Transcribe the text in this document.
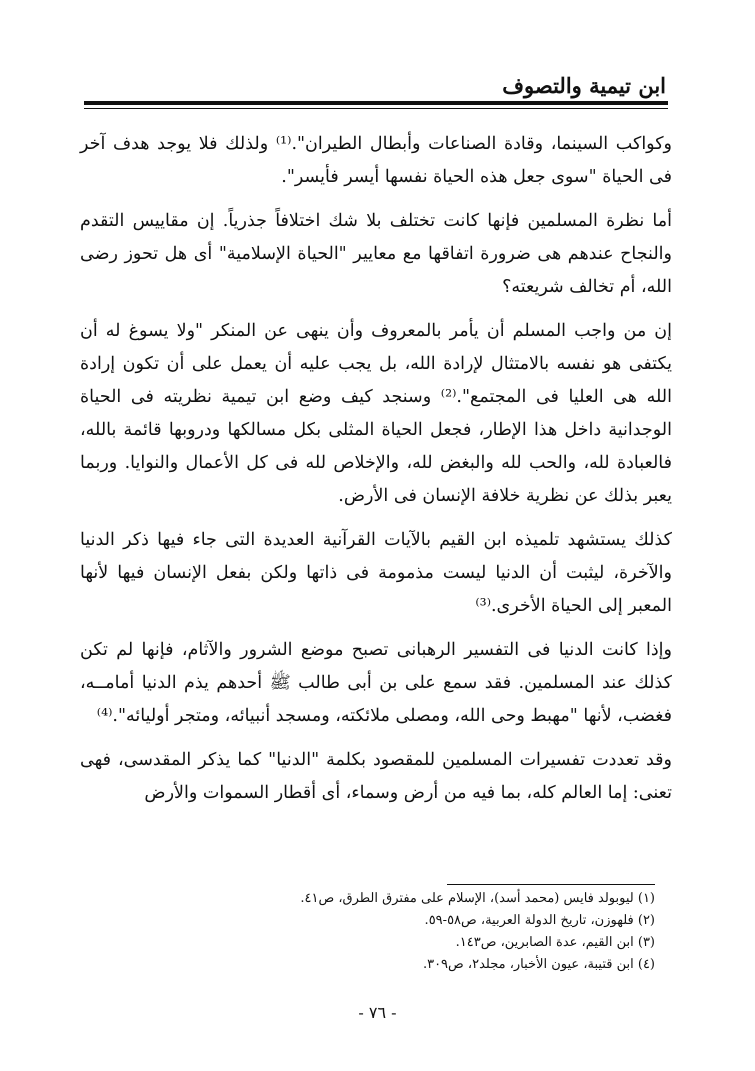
ابن تيمية والتصوف

وكواكب السينما، وقادة الصناعات وأبطال الطيران".⁽¹⁾ ولذلك فلا يوجد هدف آخر فى الحياة "سوى جعل هذه الحياة نفسها أيسر فأيسر".

أما نظرة المسلمين فإنها كانت تختلف بلا شك اختلافاً جذرياً. إن مقاييس التقدم والنجاح عندهم هى ضرورة اتفاقها مع معايير "الحياة الإسلامية" أى هل تحوز رضى الله، أم تخالف شريعته؟

إن من واجب المسلم أن يأمر بالمعروف وأن ينهى عن المنكر "ولا يسوغ له أن يكتفى هو نفسه بالامتثال لإرادة الله، بل يجب عليه أن يعمل على أن تكون إرادة الله هى العليا فى المجتمع".⁽²⁾ وسنجد كيف وضع ابن تيمية نظريته فى الحياة الوجدانية داخل هذا الإطار، فجعل الحياة المثلى بكل مسالكها ودروبها قائمة بالله، فالعبادة لله، والحب لله والبغض لله، والإخلاص لله فى كل الأعمال والنوايا. وربما يعبر بذلك عن نظرية خلافة الإنسان فى الأرض.

كذلك يستشهد تلميذه ابن القيم بالآيات القرآنية العديدة التى جاء فيها ذكر الدنيا والآخرة، ليثبت أن الدنيا ليست مذمومة فى ذاتها ولكن بفعل الإنسان فيها لأنها المعبر إلى الحياة الأخرى.⁽³⁾

وإذا كانت الدنيا فى التفسير الرهبانى تصبح موضع الشرور والآثام، فإنها لم تكن كذلك عند المسلمين. فقد سمع على بن أبى طالب ﷺ أحدهم يذم الدنيا أمامــه، فغضب، لأنها "مهبط وحى الله، ومصلى ملائكته، ومسجد أنبيائه، ومتجر أوليائه".⁽⁴⁾

وقد تعددت تفسيرات المسلمين للمقصود بكلمة "الدنيا" كما يذكر المقدسى، فهى تعنى: إما العالم كله، بما فيه من أرض وسماء، أى أقطار السموات والأرض

(١) ليوبولد فايس (محمد أسد)، الإسلام على مفترق الطرق، ص٤١.
(٢) فلهوزن، تاريخ الدولة العربية، ص٥٨-٥٩.
(٣) ابن القيم، عدة الصابرين، ص١٤٣.
(٤) ابن قتيبة، عيون الأخبار، مجلد٢، ص٣٠٩.
- ٧٦ -
